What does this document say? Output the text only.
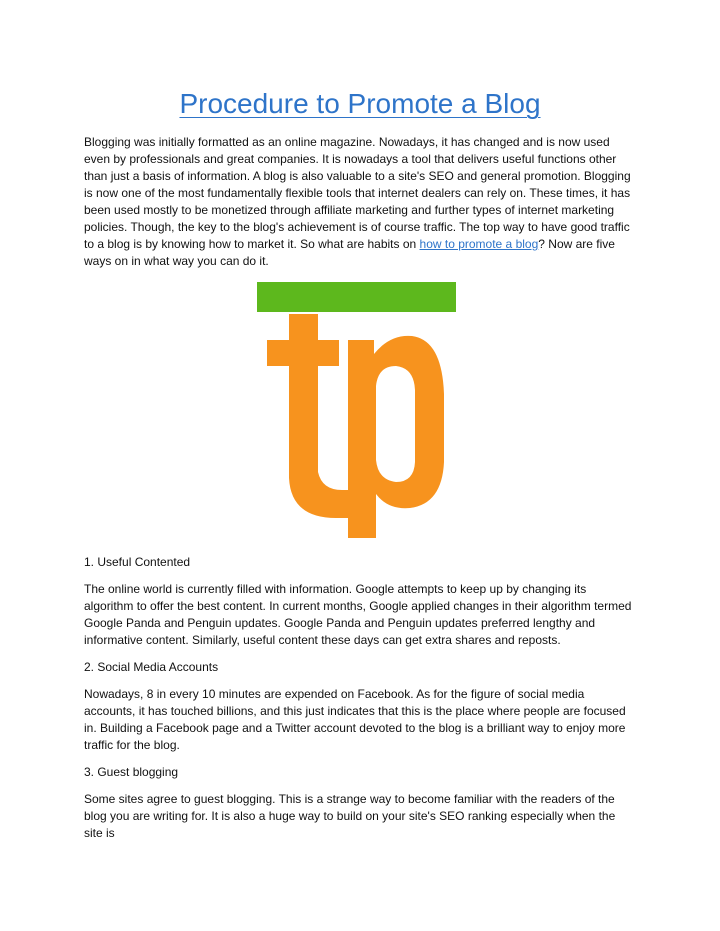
Procedure to Promote a Blog

Blogging was initially formatted as an online magazine. Nowadays, it has changed and is now used even by professionals and great companies. It is nowadays a tool that delivers useful functions other than just a basis of information. A blog is also valuable to a site's SEO and general promotion. Blogging is now one of the most fundamentally flexible tools that internet dealers can rely on. These times, it has been used mostly to be monetized through affiliate marketing and further types of internet marketing policies. Though, the key to the blog's achievement is of course traffic. The top way to have good traffic to a blog is by knowing how to market it. So what are habits on how to promote a blog? Now are five ways on in what way you can do it.

1. Useful Contented

The online world is currently filled with information. Google attempts to keep up by changing its algorithm to offer the best content. In current months, Google applied changes in their algorithm termed Google Panda and Penguin updates. Google Panda and Penguin updates preferred lengthy and informative content. Similarly, useful content these days can get extra shares and reposts.

2. Social Media Accounts

Nowadays, 8 in every 10 minutes are expended on Facebook. As for the figure of social media accounts, it has touched billions, and this just indicates that this is the place where people are focused in. Building a Facebook page and a Twitter account devoted to the blog is a brilliant way to enjoy more traffic for the blog.

3. Guest blogging

Some sites agree to guest blogging. This is a strange way to become familiar with the readers of the blog you are writing for. It is also a huge way to build on your site's SEO ranking especially when the site is
